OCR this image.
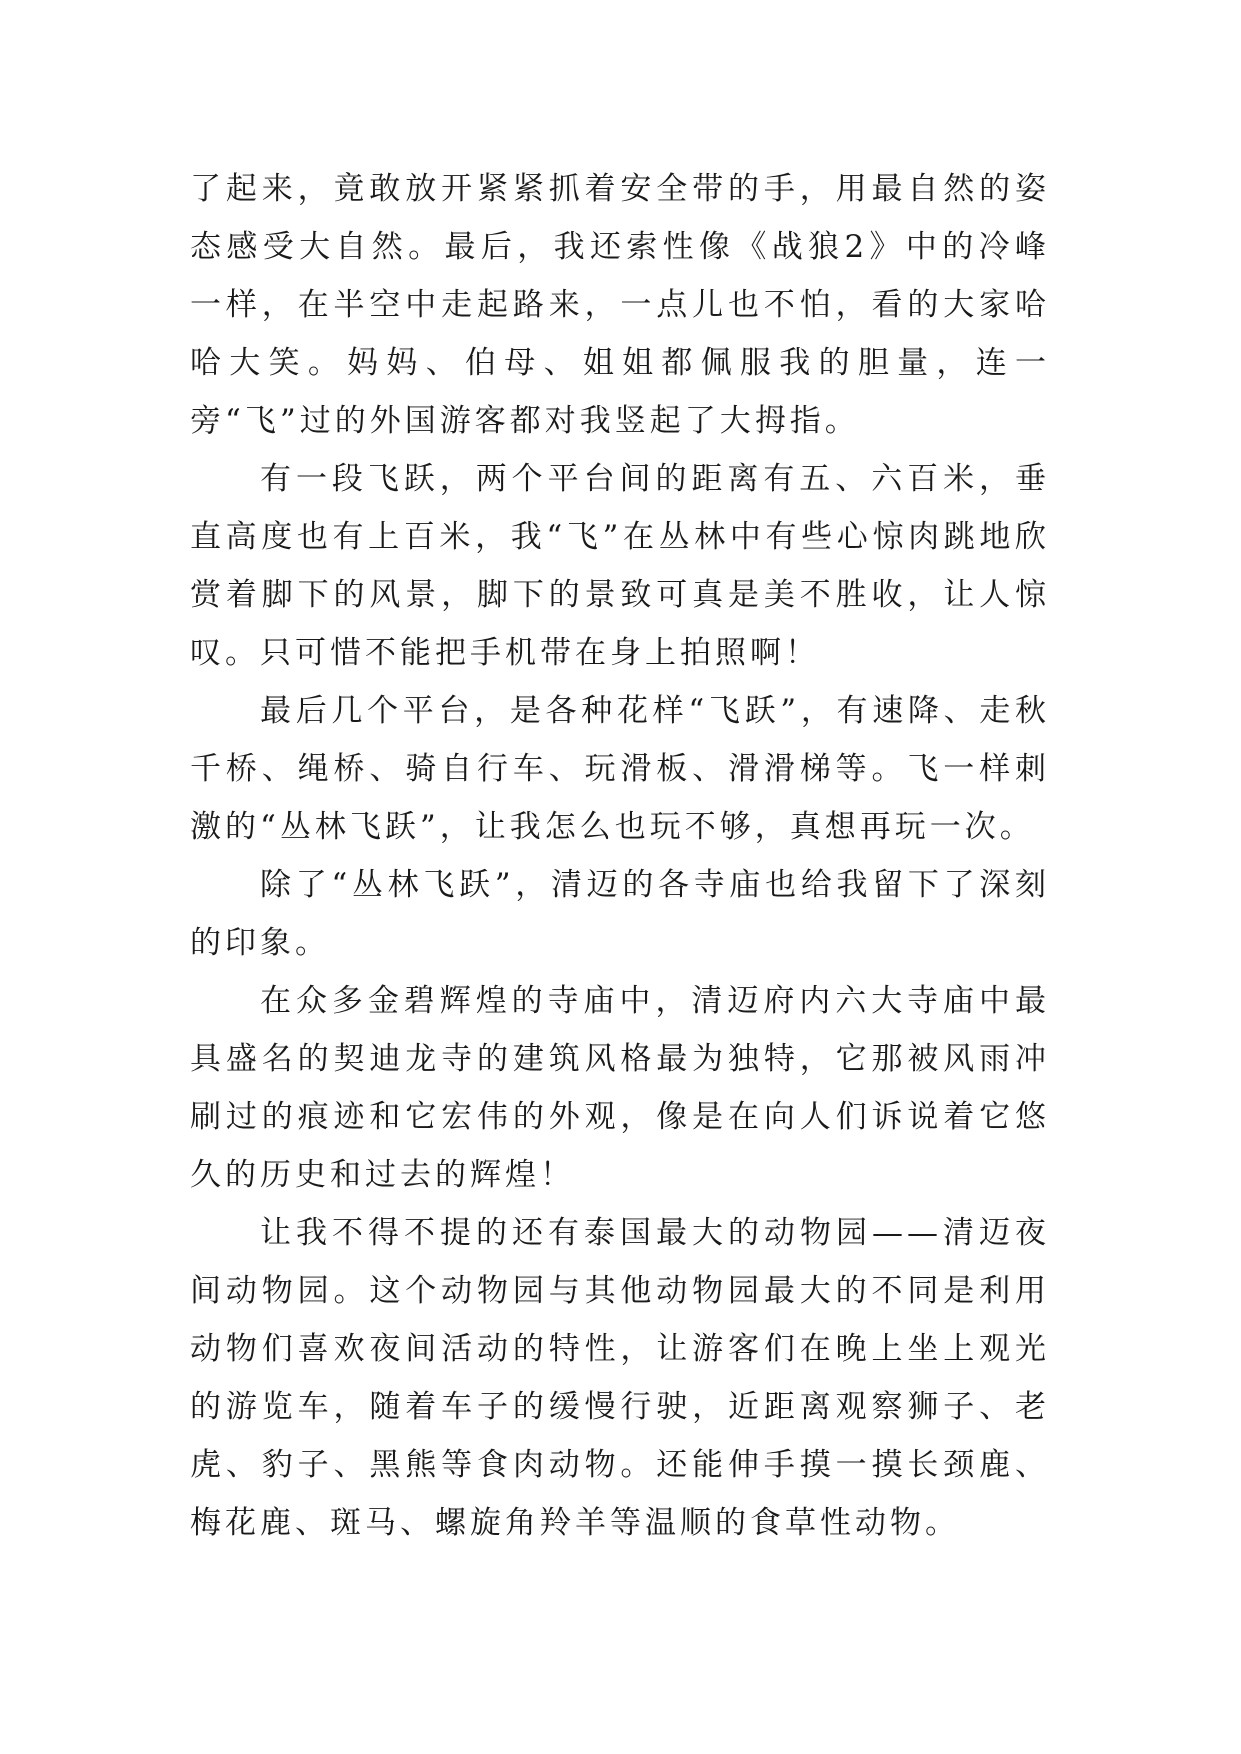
了起来，竟敢放开紧紧抓着安全带的手，用最自然的姿态感受大自然。最后，我还索性像《战狼2》中的冷峰一样，在半空中走起路来，一点儿也不怕，看的大家哈哈大笑。妈妈、伯母、姐姐都佩服我的胆量，连一旁“飞”过的外国游客都对我竖起了大拇指。

有一段飞跃，两个平台间的距离有五、六百米，垂直高度也有上百米，我“飞”在丛林中有些心惊肉跳地欣赏着脚下的风景，脚下的景致可真是美不胜收，让人惊叹。只可惜不能把手机带在身上拍照啊！

最后几个平台，是各种花样“飞跃”，有速降、走秋千桥、绳桥、骑自行车、玩滑板、滑滑梯等。飞一样刺激的“丛林飞跃”，让我怎么也玩不够，真想再玩一次。

除了“丛林飞跃”，清迈的各寺庙也给我留下了深刻的印象。

在众多金碧辉煌的寺庙中，清迈府内六大寺庙中最具盛名的契迪龙寺的建筑风格最为独特，它那被风雨冲刷过的痕迹和它宏伟的外观，像是在向人们诉说着它悠久的历史和过去的辉煌！

让我不得不提的还有泰国最大的动物园——清迈夜间动物园。这个动物园与其他动物园最大的不同是利用动物们喜欢夜间活动的特性，让游客们在晚上坐上观光的游览车，随着车子的缓慢行驶，近距离观察狮子、老虎、豹子、黑熊等食肉动物。还能伸手摸一摸长颈鹿、梅花鹿、斑马、螺旋角羚羊等温顺的食草性动物。
